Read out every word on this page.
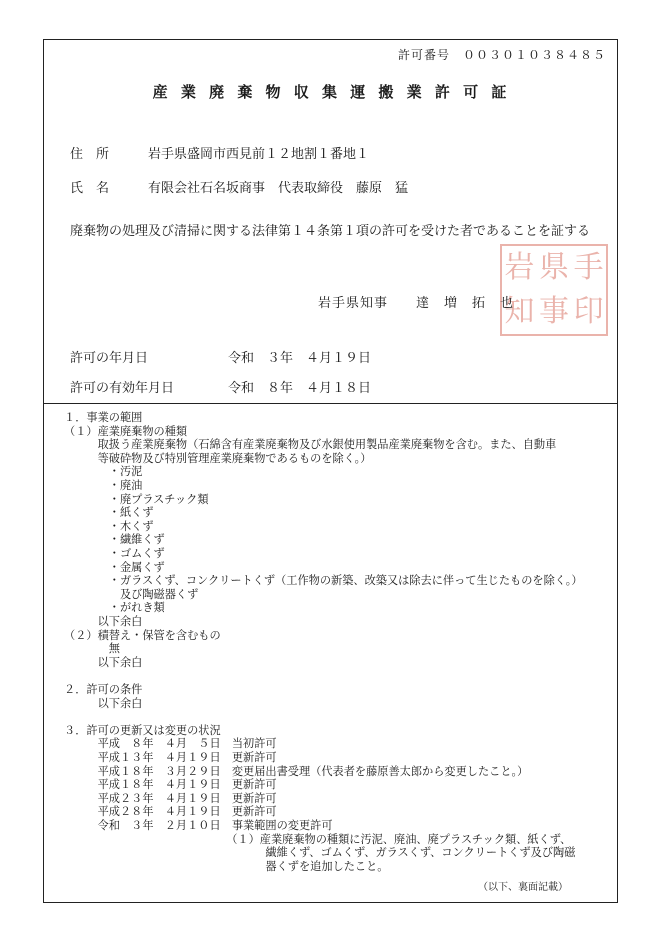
許可番号　００３０１０３８４８５
産 業 廃 棄 物 収 集 運 搬 業 許 可 証
住　所	岩手県盛岡市西見前１２地割１番地１
氏　名	有限会社石名坂商事　代表取締役　藤原　猛
廃棄物の処理及び清掃に関する法律第１４条第１項の許可を受けた者であることを証する
岩 県 手
知 事 印
岩手県知事　　達　増　拓　也
許可の年月日	令和　３年　４月１９日
許可の有効年月日	令和　８年　４月１８日
１．事業の範囲
（１）産業廃棄物の種類
　　　取扱う産業廃棄物（石綿含有産業廃棄物及び水銀使用製品産業廃棄物を含む。また、自動車
　　　等破砕物及び特別管理産業廃棄物であるものを除く。）
　　　　・汚泥
　　　　・廃油
　　　　・廃プラスチック類
　　　　・紙くず
　　　　・木くず
　　　　・繊維くず
　　　　・ゴムくず
　　　　・金属くず
　　　　・ガラスくず、コンクリートくず（工作物の新築、改築又は除去に伴って生じたものを除く。）
　　　　　及び陶磁器くず
　　　　・がれき類
　　　以下余白
（２）積替え・保管を含むもの
　　　　無
　　　以下余白
２．許可の条件
　　　以下余白
３．許可の更新又は変更の状況
　　　平成　８年　４月　５日　当初許可
　　　平成１３年　４月１９日　更新許可
　　　平成１８年　３月２９日　変更届出書受理（代表者を藤原善太郎から変更したこと。）
　　　平成１８年　４月１９日　更新許可
　　　平成２３年　４月１９日　更新許可
　　　平成２８年　４月１９日　更新許可
　　　令和　３年　２月１０日　事業範囲の変更許可
　　　　　　　　　　　　　　　（１）産業廃棄物の種類に汚泥、廃油、廃プラスチック類、紙くず、
　　　　　　　　　　　　　　　　　　繊維くず、ゴムくず、ガラスくず、コンクリートくず及び陶磁
　　　　　　　　　　　　　　　　　　器くずを追加したこと。
（以下、裏面記載）
